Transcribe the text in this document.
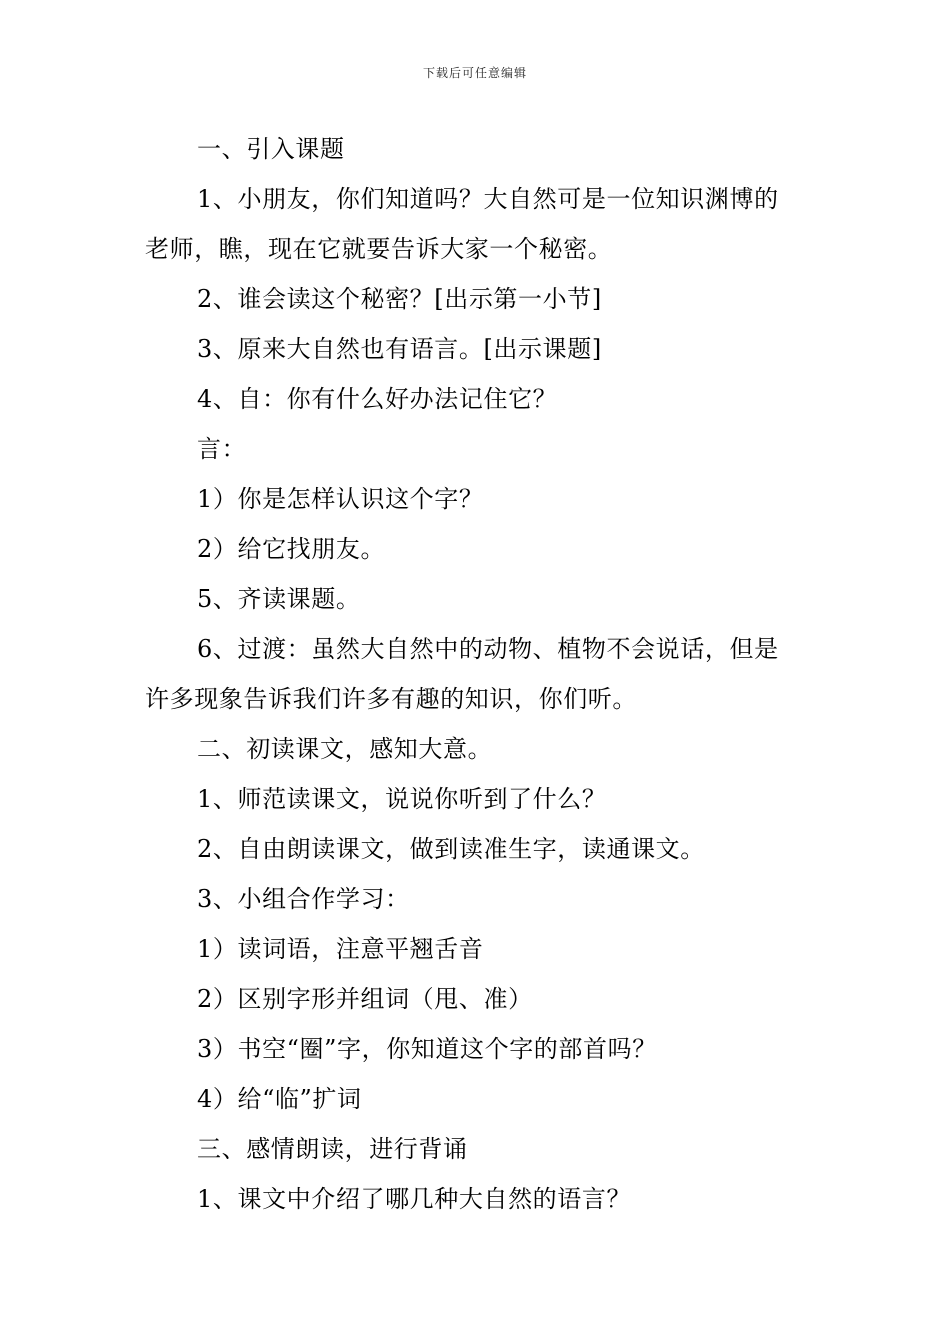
下载后可任意编辑

一、引入课题

1、小朋友，你们知道吗？大自然可是一位知识渊博的

老师，瞧，现在它就要告诉大家一个秘密。

2、谁会读这个秘密？[出示第一小节]

3、原来大自然也有语言。[出示课题]

4、自：你有什么好办法记住它？

言：

1）你是怎样认识这个字？

2）给它找朋友。

5、齐读课题。

6、过渡：虽然大自然中的动物、植物不会说话，但是

许多现象告诉我们许多有趣的知识，你们听。

二、初读课文，感知大意。

1、师范读课文，说说你听到了什么？

2、自由朗读课文，做到读准生字，读通课文。

3、小组合作学习：

1）读词语，注意平翘舌音

2）区别字形并组词（甩、准）

3）书空“圈”字，你知道这个字的部首吗？

4）给“临”扩词

三、感情朗读，进行背诵

1、课文中介绍了哪几种大自然的语言？
